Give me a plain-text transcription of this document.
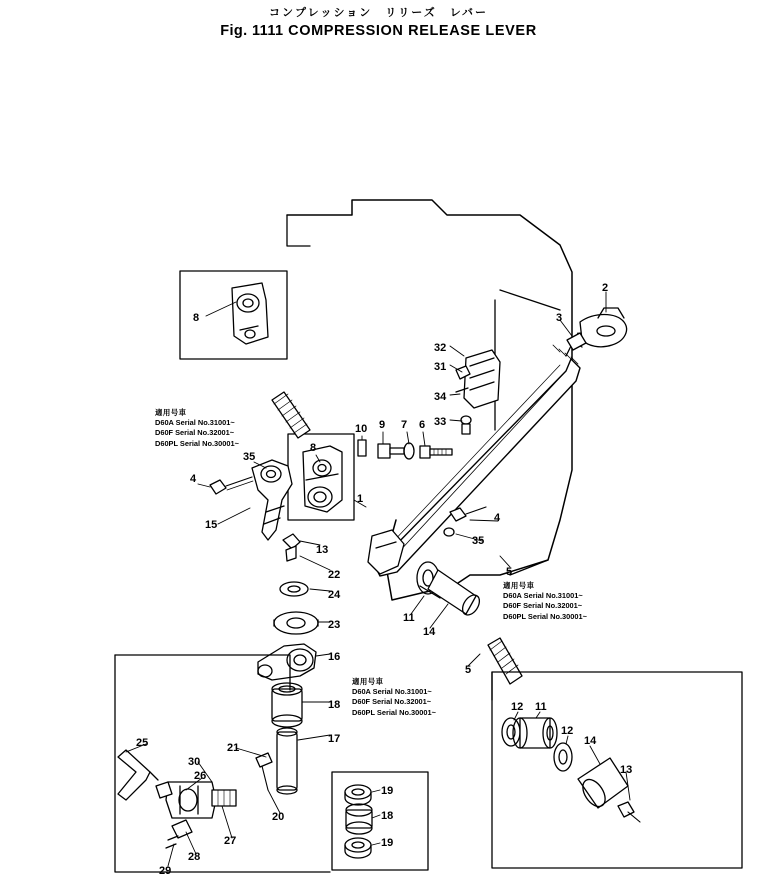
コンプレッション　リリーズ　レバー
Fig. 1111 COMPRESSION RELEASE LEVER
2
3
8
32
31
34
33
10 9 7 6
8
35
4
1
15
4
35
13
22	5
24
23
11
14
16
5
18	12 11
12
14
13
25	17
21
30
26
19
20	18
27
28
19
29
適用号車
D60A Serial No.31001~
D60F Serial No.32001~
D60PL Serial No.30001~
適用号車
D60A Serial No.31001~
D60F Serial No.32001~
D60PL Serial No.30001~
適用号車
D60A Serial No.31001~
D60F Serial No.32001~
D60PL Serial No.30001~
